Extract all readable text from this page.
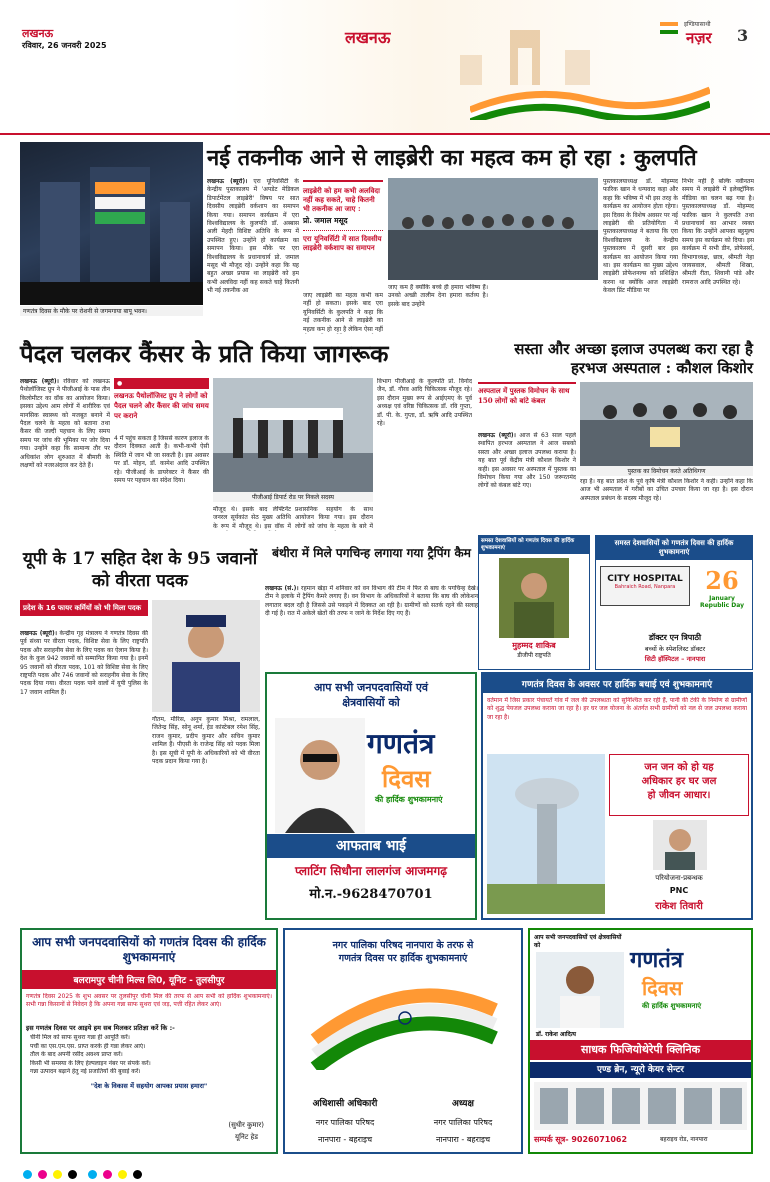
लखनऊ
रविवार, 26 जनवरी 2025	लखनऊ
इण्डियासाथी
नज़र 3
गणतंत्र दिवस के मौके पर रोशनी से जगमगाया बापू भवन।
नई तकनीक आने से लाइब्रेरी का महत्व कम हो रहा : कुलपति
लखनऊ (ब्यूरो)। एरा यूनिवर्सिटी के केन्द्रीय पुस्तकालय में 'अपडेट मेडिकल डिपार्टमेंटल लाइब्रेरी' विषय पर सात दिवसीय लाइब्रेरी वर्कशाप का समापन किया गया। समापन कार्यक्रम में एरा विश्वविद्यालय के कुलपति डॉ. अब्बास अली मेहदी विशिष्ट अतिथि के रूप में उपस्थित हुए। उन्होंने हो कार्यक्रम का समापन किया। इस मौके पर एरा विश्वविद्यालय के प्रधानाचार्य प्रो. जमाल मसूद भी मौजूद रहे। उन्होंने कहा कि यह बहुत अच्छा प्रयास था लाइब्रेरी को हम कभी अलविदा नहीं कह सकते चाहे कितनी भी नई तकनीक आ
लाइब्रेरी को हम कभी अलविदा नहीं कह सकते, चाहे कितनी भी तकनीक आ जाए :
प्रो. जमाल मसूद
एरा यूनिवर्सिटी में सात दिवसीय लाइब्रेरी वर्कशाप का समापन
जाए लाइब्रेरी का महत्व कभी कम नहीं हो सकता। इसके बाद एरा यूनिवर्सिटी के कुलपति ने कहा कि नई तकनीक आने से लाइब्रेरी का महत्व कम हो रहा है लेकिन ऐसा नहीं
जाए कम है क्योंकि बच्चे ही हमारा भविष्य हैं। उनको अच्छी तालीम देना हमारा कर्तव्य है। इसके बाद उन्होंने
पुस्तकालयाध्यक्ष डॉ. मोहम्मद फारिक खान ने धन्यवाद कहा और कहा कि भविष्य में भी इस तरह के कार्यक्रम का आयोजन होता रहेगा। इस दिवस के विशेष अवसर पर नई लाइब्रेरी की प्रतियोगिता में पुस्तकालयाध्यक्ष ने बताया कि एरा विश्वविद्यालय के केन्द्रीय पुस्तकालय में दूसरी बार इस कार्यक्रम का आयोजन किया गया था। इस कार्यक्रम का मुख्य उद्देश्य लाइब्रेरी प्रोफेशनल्स को प्रशिक्षित करना था क्योंकि आज लाइब्रेरी केवल प्रिंट मीडिया पर
निर्भर नहीं है बल्कि नवीनतम समय में लाइब्रेरी में इलेक्ट्रॉनिक मीडिया का चलन बढ़ गया है। पुस्तकालयाध्यक्ष डॉ. मोहम्मद फारिक खान ने कुलपति तथा प्रधानाचार्य का आभार व्यक्त किया कि उन्होंने आपका बहुमूल्य समय इस कार्यक्रम को दिया। इस कार्यक्रम में सभी डीन, प्रोफेसर्स, विभागाध्यक्ष, छात्र, श्रीमती नेहा जायसवाल, श्रीमती शिखा, श्रीमती रीता, शिवानी पांडे और रामराज आदि उपस्थित रहे।
पैदल चलकर कैंसर के प्रति किया जागरूक
लखनऊ (ब्यूरो)। रविवार को लखनऊ पैथोलॉजिस्ट ग्रुप ने पीजीआई के पास तीन किलोमीटर का वॉक का आयोजन किया। इसका उद्देश्य आम लोगों में शारीरिक एवं मानसिक स्वास्थ्य को मजबूत बनाने में पैदल चलने के महत्व को बताना तथा कैंसर की जल्दी पहचान के लिए समय समय पर जांच की भूमिका पर जोर दिया गया। उन्होंने कहा कि सामान्य तौर पर अधिकांश लोग शुरुआत में बीमारी के लक्षणों को नजरअंदाज कर देते हैं।
●
लखनऊ पैथोलॉजिस्ट ग्रुप ने लोगों को पैदल चलने और कैंसर की जांच समय पर कराने
4 में पहुंच सकता है जिससे कारण इलाज के दौरान दिक्कत आती है। कभी-कभी ऐसी स्थिति में जान भी जा सकती है। इस अवसर पर डॉ. मोहन, डॉ. कामेश आदि उपस्थित रहे। पीजीआई के डायरेक्टर ने कैंसर की समय पर पहचान का संदेश दिया।
पीजीआई डिपार्ट रोड पर निकले सदस्य
मौजूद थे। इसके बाद लेफ्टिनेंट जनरल सूर्यकांत सेठ मुख्य अतिथि के रूप में मौजूद थे। इस वॉक में
प्रशासनिक सहयोग के साथ आयोजन किया गया। इस दौरान लोगों को जांच के महत्व के बारे में
विभाग पीजीआई के कुलपति प्रो. विनोद जैन, डॉ. गौरव आदि चिकित्सक मौजूद रहे। इस दौरान मुख्य रूप से आईएमए के पूर्व अध्यक्ष एवं वरिष्ठ चिकित्सक डॉ. रवि गुप्ता, डॉ. पी. के. गुप्ता, डॉ. ऋषि आदि उपस्थित रहे।
सस्ता और अच्छा इलाज उपलब्ध करा रहा है हरभज अस्पताल : कौशल किशोर
अस्पताल में पुस्तक विमोचन के साथ 150 लोगों को बांटे कंबल
लखनऊ (ब्यूरो)। आज से 63 साल पहले स्थापित हरभज अस्पताल ने आज सबको सस्ता और अच्छा इलाज उपलब्ध कराया है। यह बात पूर्व केंद्रीय मंत्री कौशल किशोर ने कही। इस अवसर पर अस्पताल में पुस्तक का विमोचन किया गया और 150 जरूरतमंद लोगों को कंबल बांटे गए।
पुस्तक का विमोचन करते अतिथिगण
रहा है। यह बात प्रदेश के पूर्व कृषि मंत्री कौशल किशोर ने कही। उन्होंने कहा कि आज भी अस्पताल में गरीबों का उचित उपचार किया जा रहा है। इस दौरान अस्पताल प्रबंधन के सदस्य मौजूद रहे।
यूपी के 17 सहित देश के 95 जवानों को वीरता पदक
प्रदेश के 16 फायर कर्मियों को भी मिला पदक
लखनऊ (ब्यूरो)। केन्द्रीय गृह मंत्रालय ने गणतंत्र दिवस की पूर्व संध्या पर वीरता पदक, विशिष्ट सेवा के लिए राष्ट्रपति पदक और सराहनीय सेवा के लिए पदक का ऐलान किया है। देश के कुल 942 जवानों को सम्मानित किया गया है। इनमें 95 जवानों को वीरता पदक, 101 को विशिष्ट सेवा के लिए राष्ट्रपति पदक और 746 जवानों को सराहनीय सेवा के लिए पदक दिया गया। वीरता पदक पाने वालों में यूपी पुलिस के 17 जवान शामिल हैं।
गौतम, मौरिस, अनूप कुमार मिश्रा, रामलाल, जितेन्द्र सिंह, सोनू शर्मा, हेड कांस्टेबल रमेश सिंह, राजन कुमार, प्रदीप कुमार और सचिन कुमार शामिल हैं। पीएसी के राजेन्द्र सिंह को पदक मिला है। इस सूची में यूपी के अधिकारियों को भी वीरता पदक प्रदान किया गया है।
बंथीरा में मिले पगचिन्ह लगाया गया ट्रैपिंग कैम
लखनऊ (सं.)। रहमान खेड़ा में शनिवार को वन विभाग की टीम ने फिर से बाघ के पगचिन्ह देखे। टीम ने इलाके में ट्रैपिंग कैमरे लगाए हैं। वन विभाग के अधिकारियों ने बताया कि बाघ की लोकेशन लगातार बदल रही है जिससे उसे पकड़ने में दिक्कत आ रही है। ग्रामीणों को सतर्क रहने की सलाह दी गई है। रात में अकेले खेतों की तरफ न जाने के निर्देश दिए गए हैं।
समस्त देशवासियों को गणतंत्र दिवस की हार्दिक शुभकामनाएं
मुहम्मद शाकिब
डीजीपी राष्ट्रपति
समस्त देशवासियों को गणतंत्र दिवस की हार्दिक शुभकामनाएं
CITY HOSPITAL
Bahraich Road, Nanpara	26
January Republic Day
डॉक्टर एन त्रिपाठी
बच्चों के स्पेशलिस्ट डॉक्टर
सिटी हॉस्पिटल – नानपारा
आप सभी जनपदवासियों एवं
क्षेत्रवासियों को
गणतंत्र
दिवस
की हार्दिक शुभकामनाएं
आफताब भाई
प्लाटिंग सिधौना लालगंज आजमगढ़
मो.न.-9628470701
गणतंत्र दिवस के अवसर पर हार्दिक बधाई एवं शुभकामनाएं
वर्तमान में जिस प्रकार पंचायतें गांव में जल की उपलब्धता को सुनिश्चित कर रही हैं, पानी की टंकी के निर्माण से ग्रामीणों को शुद्ध पेयजल उपलब्ध कराया जा रहा है। हर घर जल योजना के अंतर्गत सभी ग्रामीणों को नल से जल उपलब्ध कराया जा रहा है।
जन जन को हो यह
अधिकार हर घर जल
हो जीवन आधार।
परियोजना-प्रबन्धक
PNC
राकेश तिवारी
आप सभी जनपदवासियों को गणतंत्र दिवस की हार्दिक शुभकामनाएं
बलरामपुर चीनी मिल्स लि0, यूनिट - तुलसीपुर
गणतंत्र दिवस 2025 के शुभ अवसर पर तुलसीपुर चीनी मिल की तरफ से आप सभी को हार्दिक शुभकामनाएं। सभी गन्ना किसानों से निवेदन है कि अपना गन्ना साफ सुथरा एवं जड़, पत्ती रहित लेकर आएं।
इस गणतंत्र दिवस पर आइये हम सब मिलकर प्रतिज्ञा करें कि :-
चीनी मिल को साफ सुथरा गन्ना ही आपूर्ति करें।
पर्ची का एस.एम.एस. प्राप्त करके ही गन्ना लेकर आएं।
तौल के बाद अपनी रसीद अवश्य प्राप्त करें।
किसी भी समस्या के लिए हेल्पलाइन नंबर पर संपर्क करें।
गन्ना उत्पादन बढ़ाने हेतु नई प्रजातियों की बुवाई करें।
"देश के विकास में सहयोग आपका प्रयास हमारा"
(सुधीर कुमार)
यूनिट हेड
नगर पालिका परिषद नानपारा के तरफ से
गणतंत्र दिवस पर हार्दिक शुभकामनाएं
अधिशासी अधिकारी
नगर पालिका परिषद
नानपारा - बहराइच
अध्यक्ष
नगर पालिका परिषद
नानपारा - बहराइच
आप सभी जनपदवासियों एवं क्षेत्रवासियों को
गणतंत्र
दिवस
की हार्दिक शुभकामनाएं
डॉ. राकेश आदित्य
साधक फिजियोथेरेपी क्लिनिक
एण्ड ब्रेन, न्यूरो केयर सेन्टर
सम्पर्क सूत्र- 9026071062	बहराइच रोड, नानपारा
